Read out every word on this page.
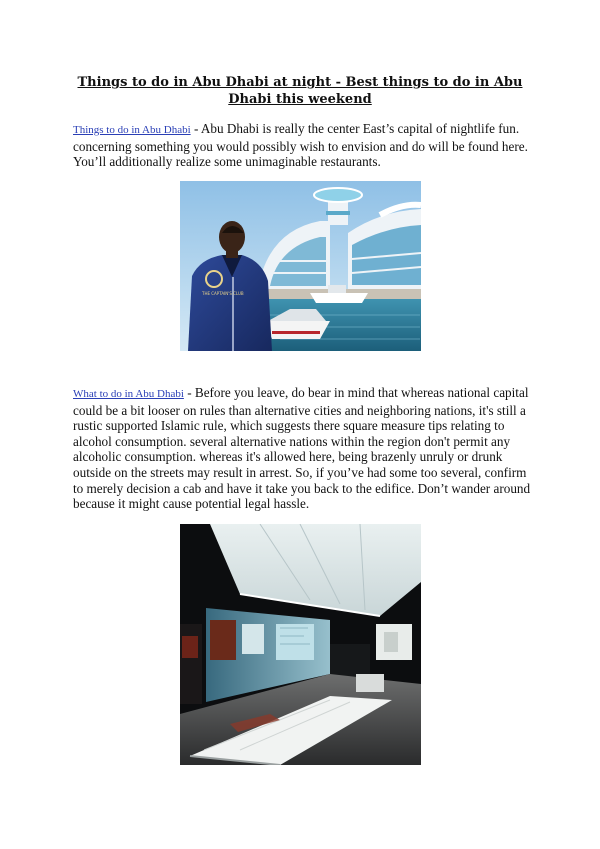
Things to do in Abu Dhabi at night - Best things to do in Abu Dhabi this weekend

Things to do in Abu Dhabi - Abu Dhabi is really the center East’s capital of nightlife fun. concerning something you would possibly wish to envision and do will be found here. You’ll additionally realize some unimaginable restaurants.

THE CAPTAIN'S CLUB

What to do in Abu Dhabi - Before you leave, do bear in mind that whereas national capital could be a bit looser on rules than alternative cities and neighboring nations, it's still a rustic supported Islamic rule, which suggests there square measure tips relating to alcohol consumption. several alternative nations within the region don't permit any alcoholic consumption. whereas it's allowed here, being brazenly unruly or drunk outside on the streets may result in arrest. So, if you’ve had some too several, confirm to merely decision a cab and have it take you back to the edifice. Don’t wander around because it might cause potential legal hassle.
